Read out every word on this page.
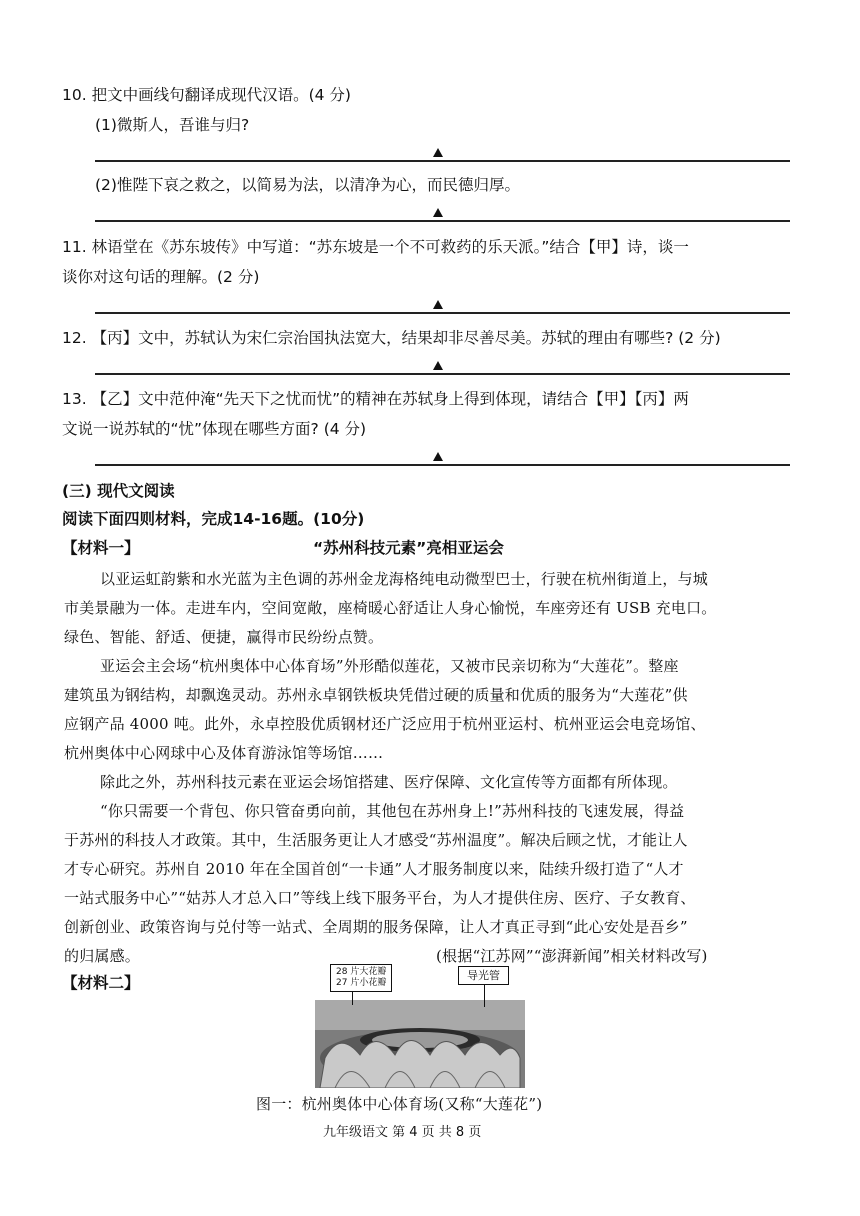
10. 把文中画线句翻译成现代汉语。(4 分)
(1)微斯人，吾谁与归?
(2)惟陛下哀之救之，以简易为法，以清净为心，而民德归厚。
11. 林语堂在《苏东坡传》中写道：“苏东坡是一个不可救药的乐天派。”结合【甲】诗，谈一
谈你对这句话的理解。(2 分)
12. 【丙】文中，苏轼认为宋仁宗治国执法宽大，结果却非尽善尽美。苏轼的理由有哪些? (2 分)
13. 【乙】文中范仲淹“先天下之忧而忧”的精神在苏轼身上得到体现，请结合【甲】【丙】两
文说一说苏轼的“忧”体现在哪些方面? (4 分)
(三) 现代文阅读
阅读下面四则材料，完成14-16题。(10分)
【材料一】	“苏州科技元素”亮相亚运会
以亚运虹韵紫和水光蓝为主色调的苏州金龙海格纯电动微型巴士，行驶在杭州街道上，与城
市美景融为一体。走进车内，空间宽敞，座椅暖心舒适让人身心愉悦，车座旁还有 USB 充电口。
绿色、智能、舒适、便捷，赢得市民纷纷点赞。
亚运会主会场“杭州奥体中心体育场”外形酷似莲花，又被市民亲切称为“大莲花”。整座
建筑虽为钢结构，却飘逸灵动。苏州永卓钢铁板块凭借过硬的质量和优质的服务为“大莲花”供
应钢产品 4000 吨。此外，永卓控股优质钢材还广泛应用于杭州亚运村、杭州亚运会电竞场馆、
杭州奥体中心网球中心及体育游泳馆等场馆……
除此之外，苏州科技元素在亚运会场馆搭建、医疗保障、文化宣传等方面都有所体现。
“你只需要一个背包、你只管奋勇向前，其他包在苏州身上!”苏州科技的飞速发展，得益
于苏州的科技人才政策。其中，生活服务更让人才感受“苏州温度”。解决后顾之忧，才能让人
才专心研究。苏州自 2010 年在全国首创“一卡通”人才服务制度以来，陆续升级打造了“人才
一站式服务中心”“姑苏人才总入口”等线上线下服务平台，为人才提供住房、医疗、子女教育、
创新创业、政策咨询与兑付等一站式、全周期的服务保障，让人才真正寻到“此心安处是吾乡”
的归属感。	(根据“江苏网”“澎湃新闻”相关材料改写)
【材料二】
28 片大花瓣
27 片小花瓣
导光管
图一：杭州奥体中心体育场(又称“大莲花”)
九年级语文 第 4 页 共 8 页
